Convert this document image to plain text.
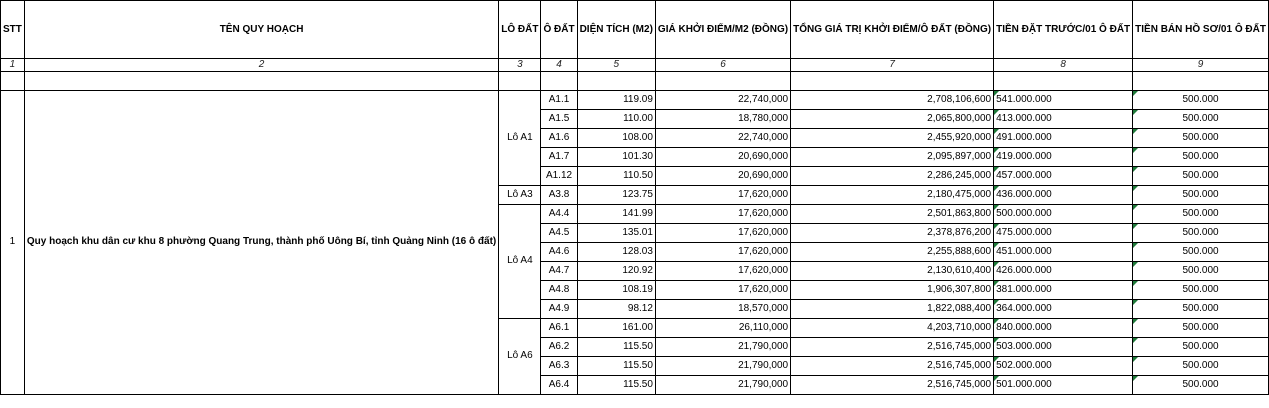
STT	TÊN QUY HOẠCH	LÔ ĐẤT	Ô ĐẤT	DIỆN TÍCH (M2)	GIÁ KHỞI ĐIỂM/M2 (ĐỒNG)	TỔNG GIÁ TRỊ KHỞI ĐIỂM/Ô ĐẤT (ĐỒNG)	TIỀN ĐẶT TRƯỚC/01 Ô ĐẤT	TIỀN BÁN HỒ SƠ/01 Ô ĐẤT
1	2	3	4	5	6	7	8	9

1	Quy hoạch khu dân cư khu 8 phường Quang Trung, thành phố Uông Bí, tỉnh Quảng Ninh (16 ô đất)	Lô A1	A1.1	119.09	22,740,000	2,708,106,600	541.000.000	500.000
			A1.5	110.00	18,780,000	2,065,800,000	413.000.000	500.000
			A1.6	108.00	22,740,000	2,455,920,000	491.000.000	500.000
			A1.7	101.30	20,690,000	2,095,897,000	419.000.000	500.000
			A1.12	110.50	20,690,000	2,286,245,000	457.000.000	500.000
		Lô A3	A3.8	123.75	17,620,000	2,180,475,000	436.000.000	500.000
		Lô A4	A4.4	141.99	17,620,000	2,501,863,800	500.000.000	500.000
			A4.5	135.01	17,620,000	2,378,876,200	475.000.000	500.000
			A4.6	128.03	17,620,000	2,255,888,600	451.000.000	500.000
			A4.7	120.92	17,620,000	2,130,610,400	426.000.000	500.000
			A4.8	108.19	17,620,000	1,906,307,800	381.000.000	500.000
			A4.9	98.12	18,570,000	1,822,088,400	364.000.000	500.000
		Lô A6	A6.1	161.00	26,110,000	4,203,710,000	840.000.000	500.000
			A6.2	115.50	21,790,000	2,516,745,000	503.000.000	500.000
			A6.3	115.50	21,790,000	2,516,745,000	502.000.000	500.000
			A6.4	115.50	21,790,000	2,516,745,000	501.000.000	500.000
